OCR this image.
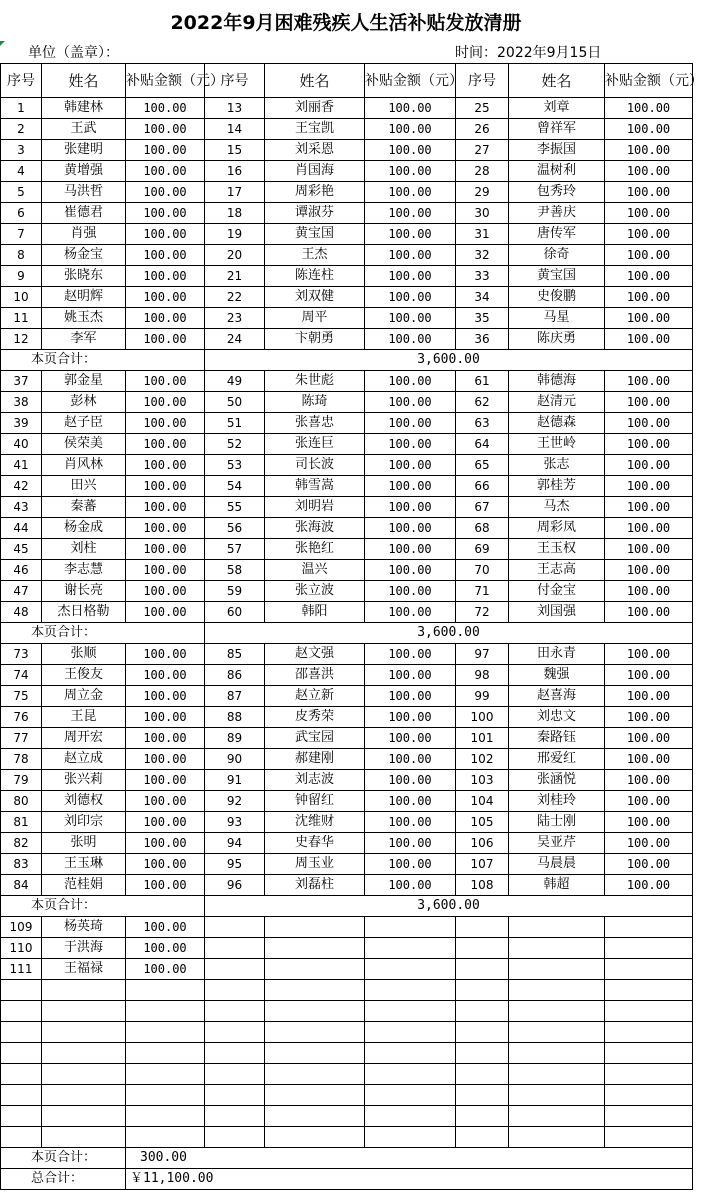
2022年9月困难残疾人生活补贴发放清册
单位（盖章）：	时间：2022年9月15日
序号	姓名	补贴金额（元）	序号	姓名	补贴金额（元）	序号	姓名	补贴金额（元）
1	韩建林	100.00	13	刘丽香	100.00	25	刘章	100.00
2	王武	100.00	14	王宝凯	100.00	26	曾祥军	100.00
3	张建明	100.00	15	刘采恩	100.00	27	李振国	100.00
4	黄增强	100.00	16	肖国海	100.00	28	温树利	100.00
5	马洪哲	100.00	17	周彩艳	100.00	29	包秀玲	100.00
6	崔德君	100.00	18	谭淑芬	100.00	30	尹善庆	100.00
7	肖强	100.00	19	黄宝国	100.00	31	唐传军	100.00
8	杨金宝	100.00	20	王杰	100.00	32	徐奇	100.00
9	张晓东	100.00	21	陈连柱	100.00	33	黄宝国	100.00
10	赵明辉	100.00	22	刘双健	100.00	34	史俊鹏	100.00
11	姚玉杰	100.00	23	周平	100.00	35	马星	100.00
12	李军	100.00	24	卞朝勇	100.00	36	陈庆勇	100.00
本页合计：			3,600.00					
37	郭金星	100.00	49	朱世彪	100.00	61	韩德海	100.00
38	彭林	100.00	50	陈琦	100.00	62	赵清元	100.00
39	赵子臣	100.00	51	张喜忠	100.00	63	赵德森	100.00
40	侯荣美	100.00	52	张连巨	100.00	64	王世岭	100.00
41	肖风林	100.00	53	司长波	100.00	65	张志	100.00
42	田兴	100.00	54	韩雪嵩	100.00	66	郭桂芳	100.00
43	秦蕃	100.00	55	刘明岩	100.00	67	马杰	100.00
44	杨金成	100.00	56	张海波	100.00	68	周彩凤	100.00
45	刘柱	100.00	57	张艳红	100.00	69	王玉权	100.00
46	李志慧	100.00	58	温兴	100.00	70	王志高	100.00
47	谢长亮	100.00	59	张立波	100.00	71	付金宝	100.00
48	杰日格勒	100.00	60	韩阳	100.00	72	刘国强	100.00
本页合计：			3,600.00					
73	张顺	100.00	85	赵文强	100.00	97	田永青	100.00
74	王俊友	100.00	86	邵喜洪	100.00	98	魏强	100.00
75	周立金	100.00	87	赵立新	100.00	99	赵喜海	100.00
76	王昆	100.00	88	皮秀荣	100.00	100	刘忠文	100.00
77	周开宏	100.00	89	武宝园	100.00	101	秦路钰	100.00
78	赵立成	100.00	90	郝建刚	100.00	102	邢爱红	100.00
79	张兴莉	100.00	91	刘志波	100.00	103	张涵悦	100.00
80	刘德权	100.00	92	钟留红	100.00	104	刘桂玲	100.00
81	刘印宗	100.00	93	沈维财	100.00	105	陆士刚	100.00
82	张明	100.00	94	史春华	100.00	106	吴亚芹	100.00
83	王玉琳	100.00	95	周玉业	100.00	107	马晨晨	100.00
84	范桂娟	100.00	96	刘磊柱	100.00	108	韩超	100.00
本页合计：			3,600.00					
109	杨英琦	100.00						
110	于洪海	100.00						
111	王福禄	100.00						

本页合计：		300.00						
总合计：		￥11,100.00						
